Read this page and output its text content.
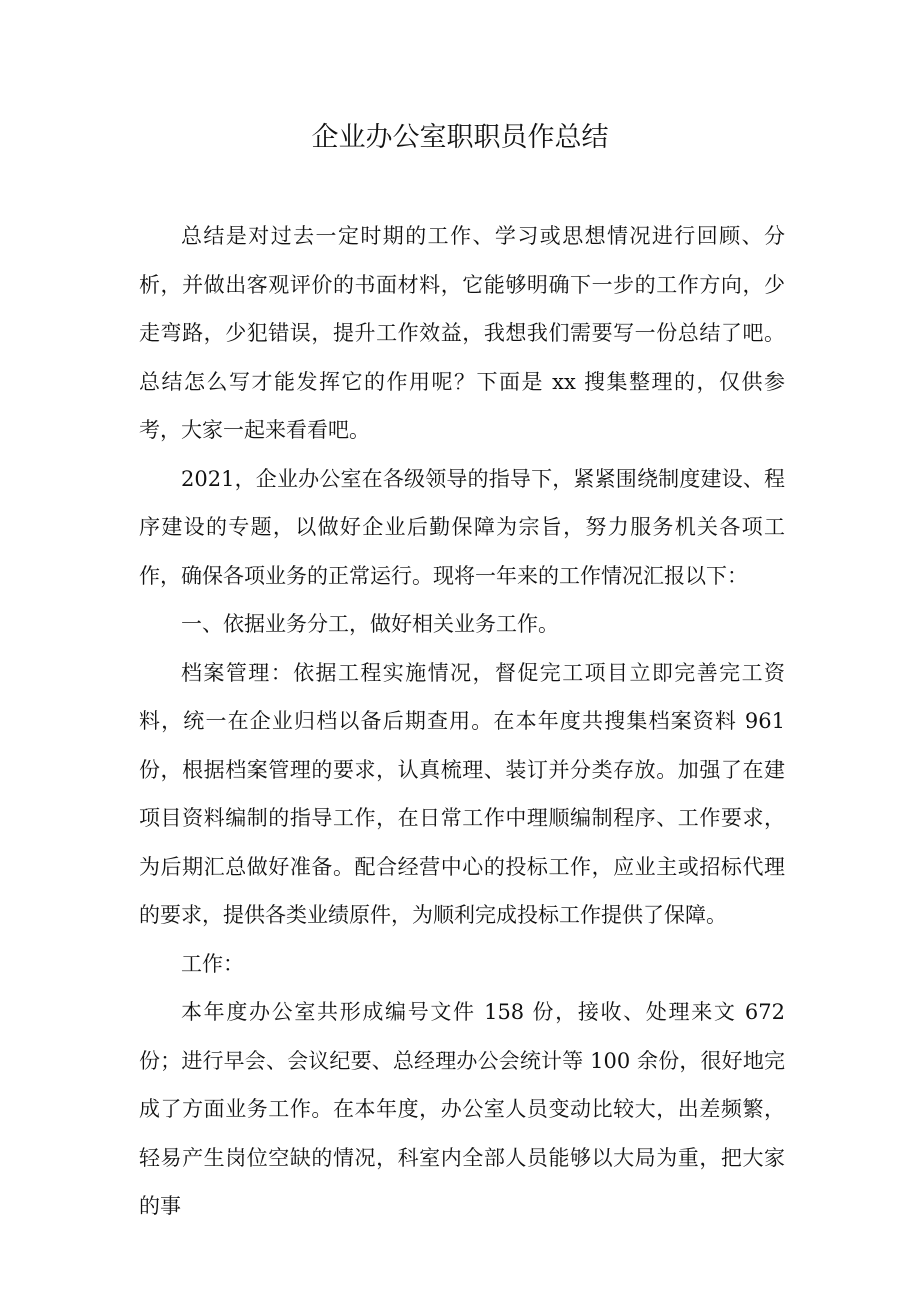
企业办公室职职员作总结

总结是对过去一定时期的工作、学习或思想情况进行回顾、分析，并做出客观评价的书面材料，它能够明确下一步的工作方向，少走弯路，少犯错误，提升工作效益，我想我们需要写一份总结了吧。总结怎么写才能发挥它的作用呢？下面是 xx 搜集整理的，仅供参考，大家一起来看看吧。

2021，企业办公室在各级领导的指导下，紧紧围绕制度建设、程序建设的专题，以做好企业后勤保障为宗旨，努力服务机关各项工作，确保各项业务的正常运行。现将一年来的工作情况汇报以下：

一、依据业务分工，做好相关业务工作。

档案管理：依据工程实施情况，督促完工项目立即完善完工资料，统一在企业归档以备后期查用。在本年度共搜集档案资料 961 份，根据档案管理的要求，认真梳理、装订并分类存放。加强了在建项目资料编制的指导工作，在日常工作中理顺编制程序、工作要求，为后期汇总做好准备。配合经营中心的投标工作，应业主或招标代理的要求，提供各类业绩原件，为顺利完成投标工作提供了保障。

工作：

本年度办公室共形成编号文件 158 份，接收、处理来文 672 份；进行早会、会议纪要、总经理办公会统计等 100 余份，很好地完成了方面业务工作。在本年度，办公室人员变动比较大，出差频繁，轻易产生岗位空缺的情况，科室内全部人员能够以大局为重，把大家的事
